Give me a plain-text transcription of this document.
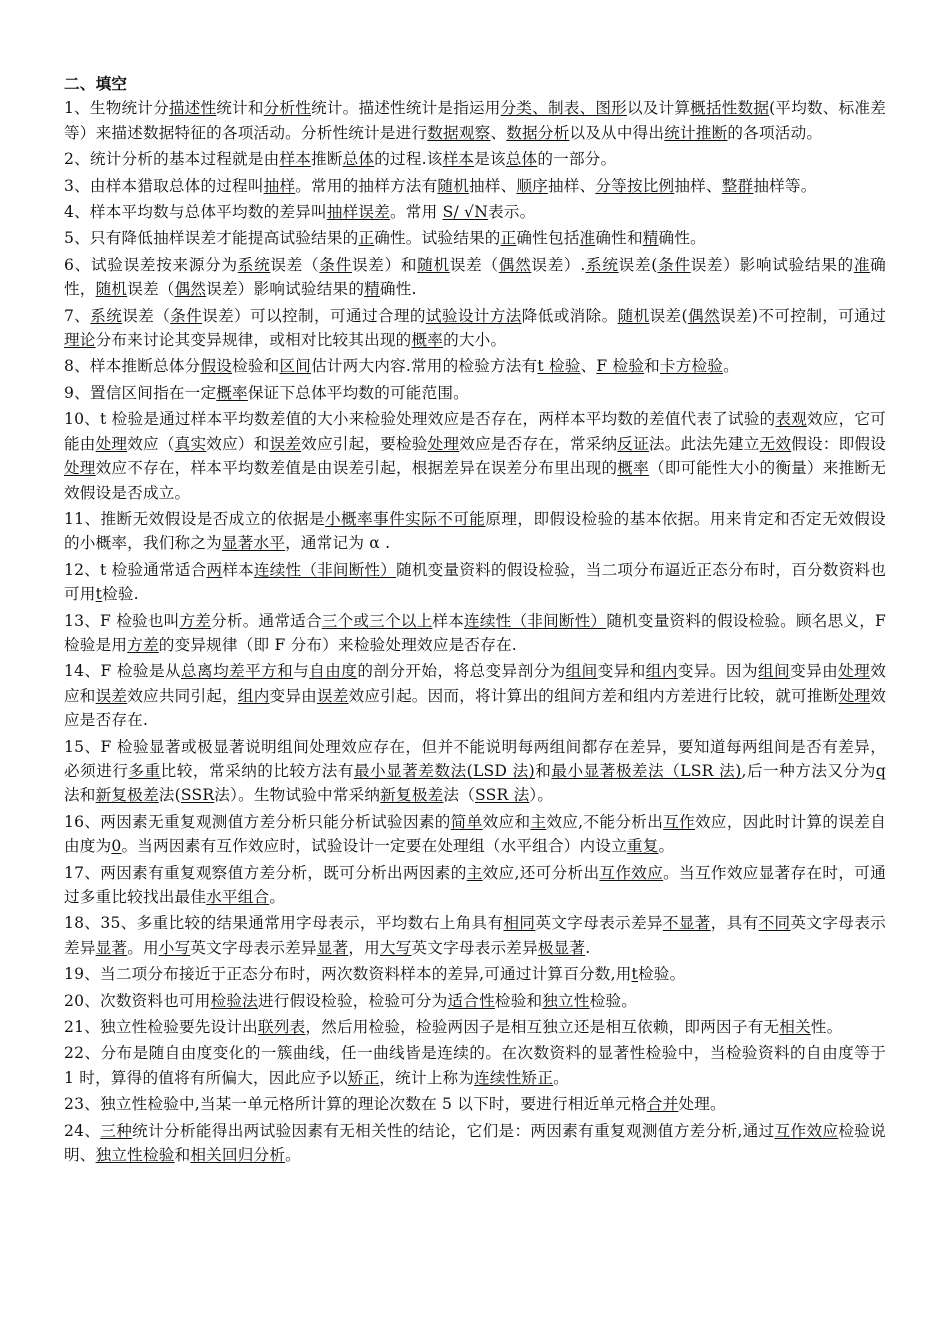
二、填空
1、生物统计分描述性统计和分析性统计。描述性统计是指运用分类、制表、图形以及计算概括性数据(平均数、标准差等）来描述数据特征的各项活动。分析性统计是进行数据观察、数据分析以及从中得出统计推断的各项活动。
2、统计分析的基本过程就是由样本推断总体的过程.该样本是该总体的一部分。
3、由样本猎取总体的过程叫抽样。常用的抽样方法有随机抽样、顺序抽样、分等按比例抽样、整群抽样等。
4、样本平均数与总体平均数的差异叫抽样误差。常用 S/ √N表示。
5、只有降低抽样误差才能提高试验结果的正确性。试验结果的正确性包括准确性和精确性。
6、试验误差按来源分为系统误差（条件误差）和随机误差（偶然误差）.系统误差(条件误差）影响试验结果的准确性，随机误差（偶然误差）影响试验结果的精确性.
7、系统误差（条件误差）可以控制，可通过合理的试验设计方法降低或消除。随机误差(偶然误差)不可控制，可通过理论分布来讨论其变异规律，或相对比较其出现的概率的大小。
8、样本推断总体分假设检验和区间估计两大内容.常用的检验方法有t 检验、F 检验和卡方检验。
9、置信区间指在一定概率保证下总体平均数的可能范围。
10、t 检验是通过样本平均数差值的大小来检验处理效应是否存在，两样本平均数的差值代表了试验的表观效应，它可能由处理效应（真实效应）和误差效应引起，要检验处理效应是否存在，常采纳反证法。此法先建立无效假设：即假设处理效应不存在，样本平均数差值是由误差引起，根据差异在误差分布里出现的概率（即可能性大小的衡量）来推断无效假设是否成立。
11、推断无效假设是否成立的依据是小概率事件实际不可能原理，即假设检验的基本依据。用来肯定和否定无效假设的小概率，我们称之为显著水平，通常记为 α .
12、t 检验通常适合两样本连续性（非间断性）随机变量资料的假设检验，当二项分布逼近正态分布时，百分数资料也可用t检验.
13、F 检验也叫方差分析。通常适合三个或三个以上样本连续性（非间断性）随机变量资料的假设检验。顾名思义，F 检验是用方差的变异规律（即 F 分布）来检验处理效应是否存在.
14、F 检验是从总离均差平方和与自由度的剖分开始，将总变异剖分为组间变异和组内变异。因为组间变异由处理效应和误差效应共同引起，组内变异由误差效应引起。因而，将计算出的组间方差和组内方差进行比较，就可推断处理效应是否存在.
15、F 检验显著或极显著说明组间处理效应存在，但并不能说明每两组间都存在差异，要知道每两组间是否有差异，必须进行多重比较，常采纳的比较方法有最小显著差数法(LSD 法)和最小显著极差法（LSR 法),后一种方法又分为q法和新复极差法(SSR法）。生物试验中常采纳新复极差法（SSR 法）。
16、两因素无重复观测值方差分析只能分析试验因素的简单效应和主效应,不能分析出互作效应，因此时计算的误差自由度为0。当两因素有互作效应时，试验设计一定要在处理组（水平组合）内设立重复。
17、两因素有重复观察值方差分析，既可分析出两因素的主效应,还可分析出互作效应。当互作效应显著存在时，可通过多重比较找出最佳水平组合。
18、35、多重比较的结果通常用字母表示，平均数右上角具有相同英文字母表示差异不显著，具有不同英文字母表示差异显著。用小写英文字母表示差异显著，用大写英文字母表示差异极显著.
19、当二项分布接近于正态分布时，两次数资料样本的差异,可通过计算百分数,用t检验。
20、次数资料也可用检验法进行假设检验，检验可分为适合性检验和独立性检验。
21、独立性检验要先设计出联列表，然后用检验，检验两因子是相互独立还是相互依赖，即两因子有无相关性。
22、分布是随自由度变化的一簇曲线，任一曲线皆是连续的。在次数资料的显著性检验中，当检验资料的自由度等于 1 时，算得的值将有所偏大，因此应予以矫正，统计上称为连续性矫正。
23、独立性检验中,当某一单元格所计算的理论次数在 5 以下时，要进行相近单元格合并处理。
24、三种统计分析能得出两试验因素有无相关性的结论，它们是：两因素有重复观测值方差分析,通过互作效应检验说明、独立性检验和相关回归分析。
